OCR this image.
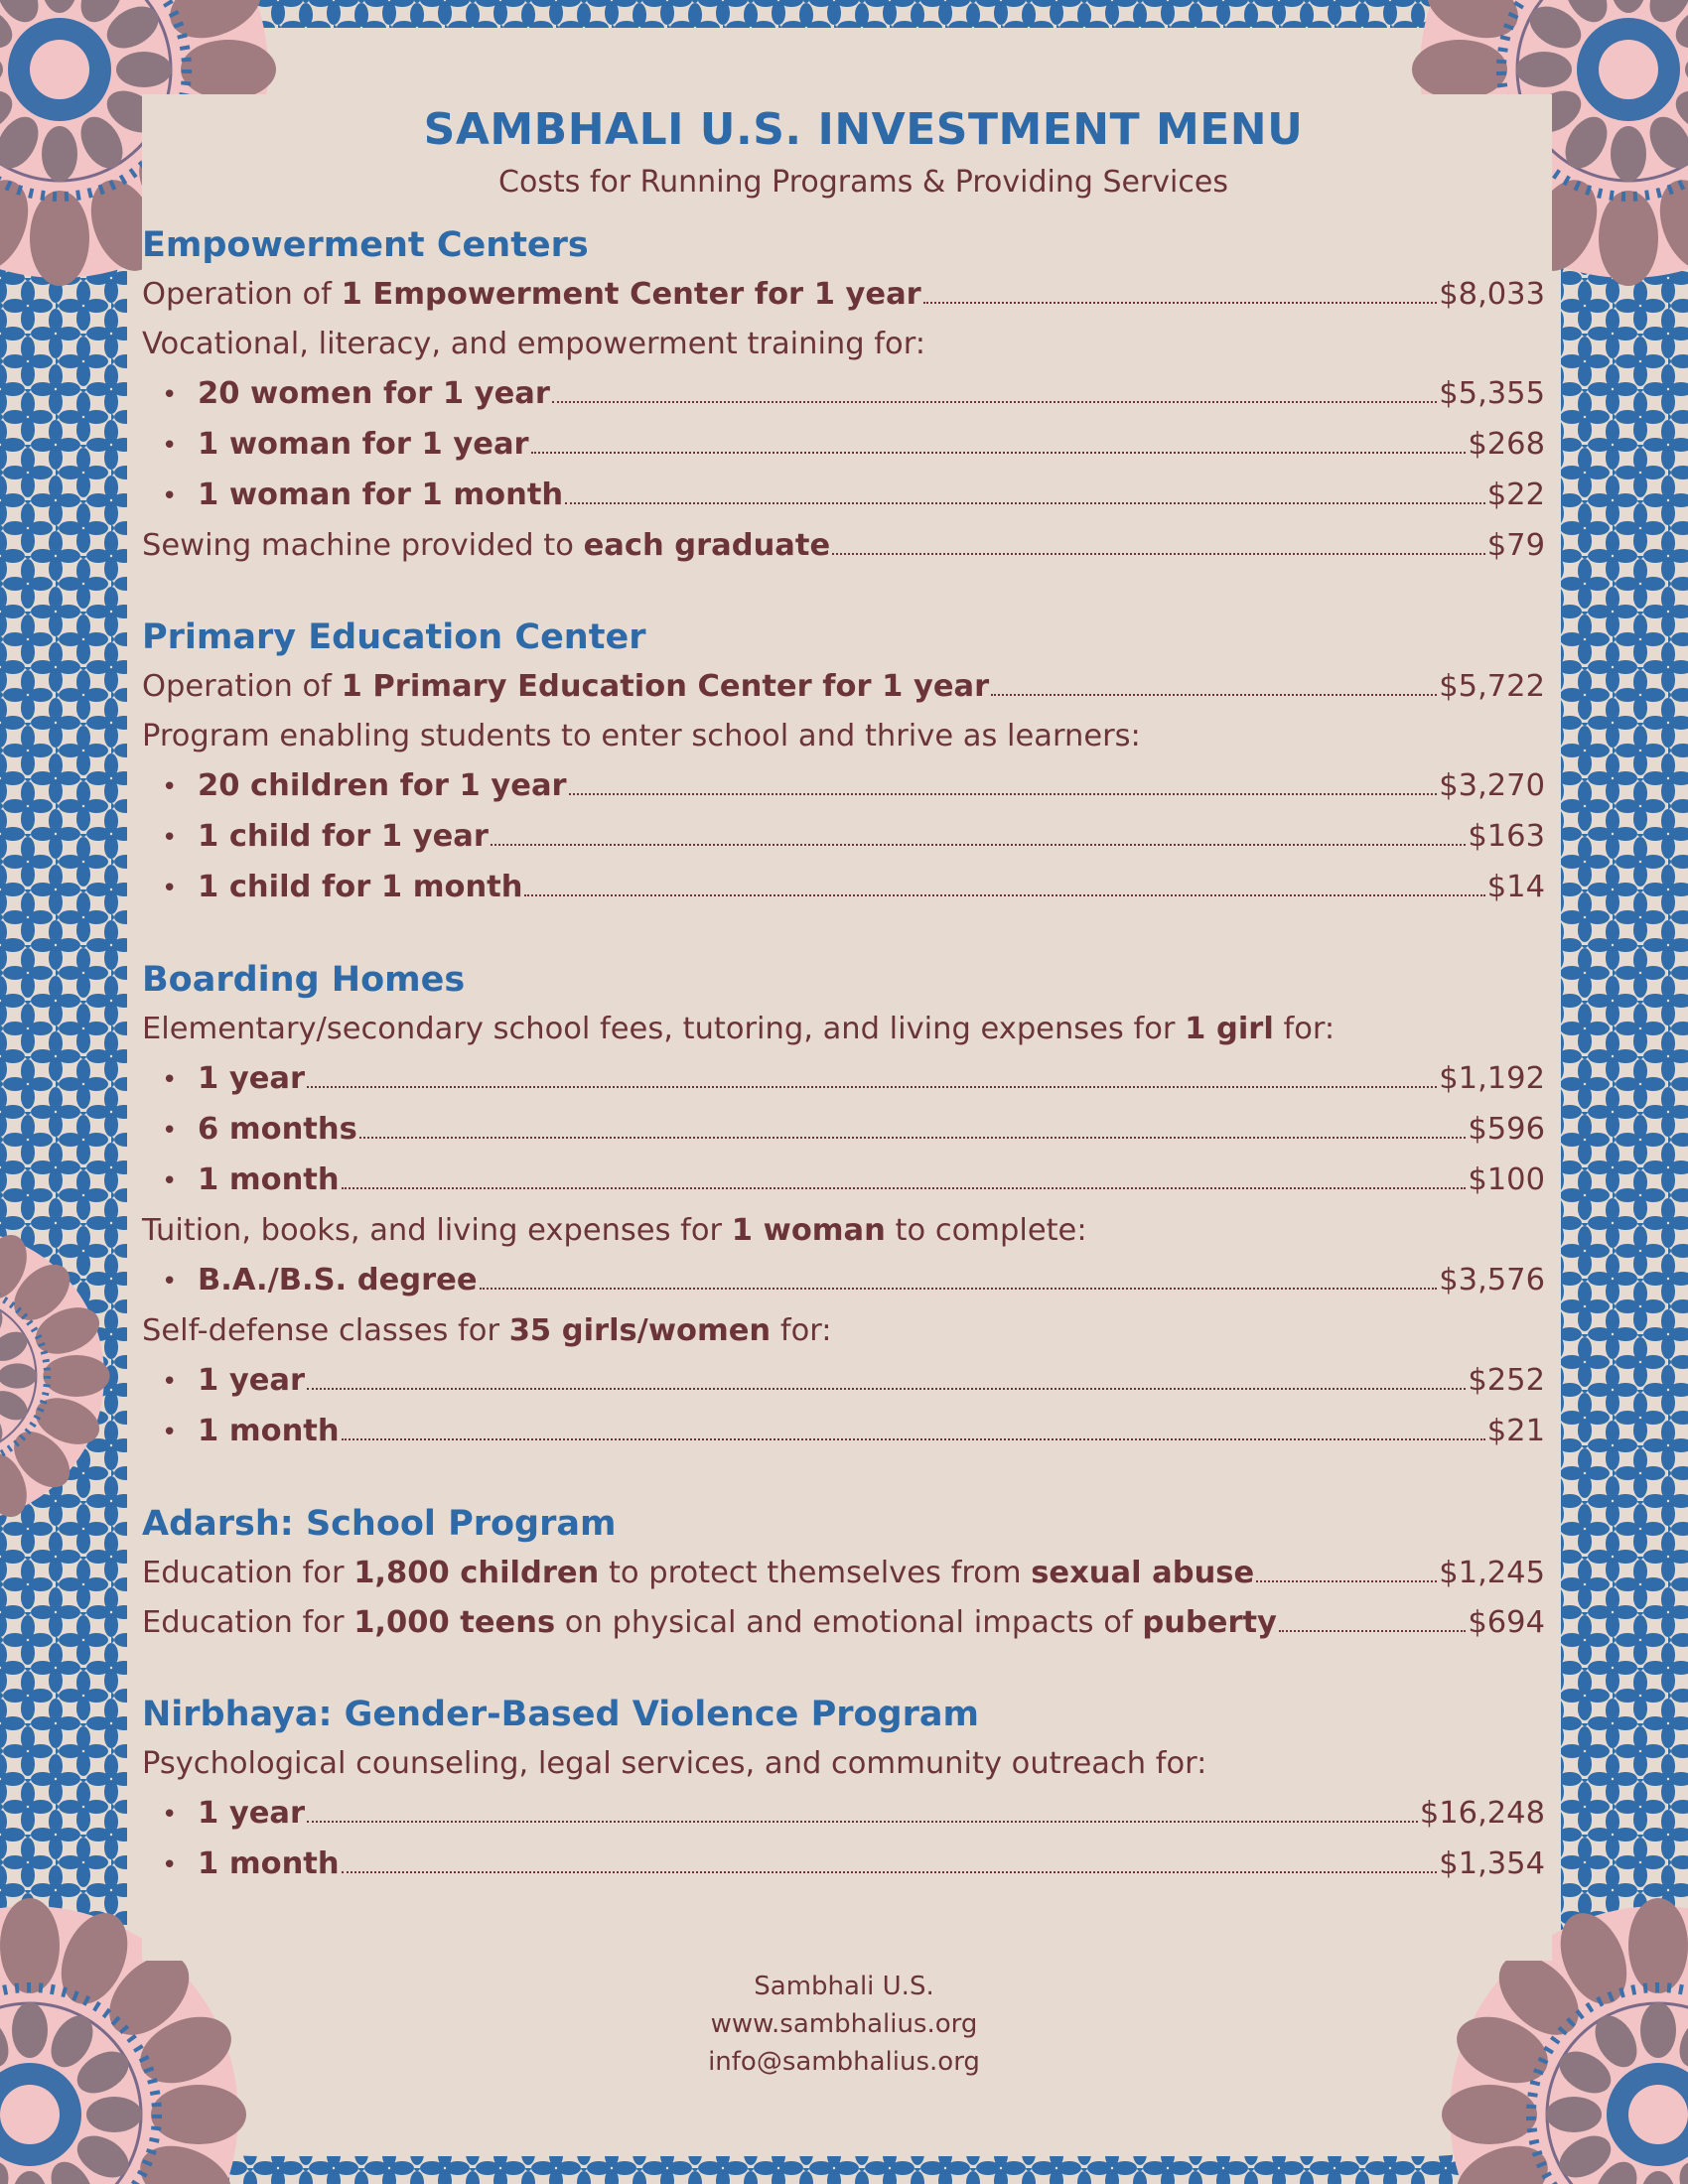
SAMBHALI U.S. INVESTMENT MENU
Costs for Running Programs & Providing Services
Empowerment Centers
Operation of 1 Empowerment Center for 1 year	$8,033
Vocational, literacy, and empowerment training for:
• 20 women for 1 year	$5,355
• 1 woman for 1 year	$268
• 1 woman for 1 month	$22
Sewing machine provided to each graduate	$79
Primary Education Center
Operation of 1 Primary Education Center for 1 year	$5,722
Program enabling students to enter school and thrive as learners:
• 20 children for 1 year	$3,270
• 1 child for 1 year	$163
• 1 child for 1 month	$14
Boarding Homes
Elementary/secondary school fees, tutoring, and living expenses for 1 girl for:
• 1 year	$1,192
• 6 months	$596
• 1 month	$100
Tuition, books, and living expenses for 1 woman to complete:
• B.A./B.S. degree	$3,576
Self-defense classes for 35 girls/women for:
• 1 year	$252
• 1 month	$21
Adarsh: School Program
Education for 1,800 children to protect themselves from sexual abuse	$1,245
Education for 1,000 teens on physical and emotional impacts of puberty	$694
Nirbhaya: Gender-Based Violence Program
Psychological counseling, legal services, and community outreach for:
• 1 year	$16,248
• 1 month	$1,354
Sambhali U.S.
www.sambhalius.org
info@sambhalius.org
